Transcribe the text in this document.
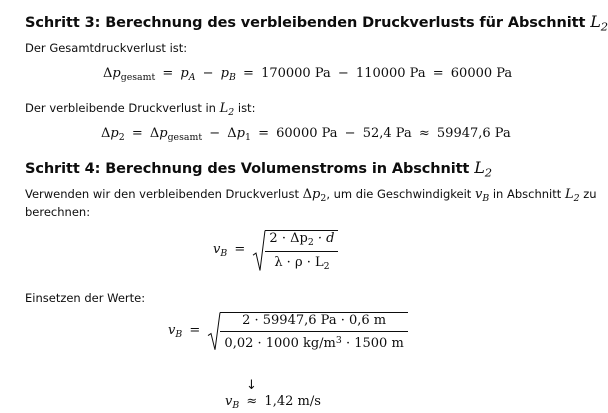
Schritt 3: Berechnung des verbleibenden Druckverlusts für Abschnitt $L_2$
Der Gesamtdruckverlust ist:
$\Delta p_{gesamt} = p_A - p_B = 170000$ Pa − 110000 Pa = 60000 Pa
Der verbleibende Druckverlust in $L_2$ ist:
$\Delta p_2 = \Delta p_{gesamt} - \Delta p_1 = 60000$ Pa − 52,4 Pa ≈ 59947,6 Pa
Schritt 4: Berechnung des Volumenstroms in Abschnitt $L_2$
Verwenden wir den verbleibenden Druckverlust $\Delta p_2$, um die Geschwindigkeit $v_B$ in Abschnitt $L_2$ zu
berechnen:
$v_B = \frac{2 \cdot \Delta p_2 \cdot d}{\lambda \cdot \rho \cdot L_2}$
Einsetzen der Werte:
$v_B = \frac{2 \cdot 59947,6 Pa \cdot 0,6 m}{0,02 \cdot 1000 kg/m^3 \cdot 1500 m}$
↓
$v_B \approx 1,42$ m/s
